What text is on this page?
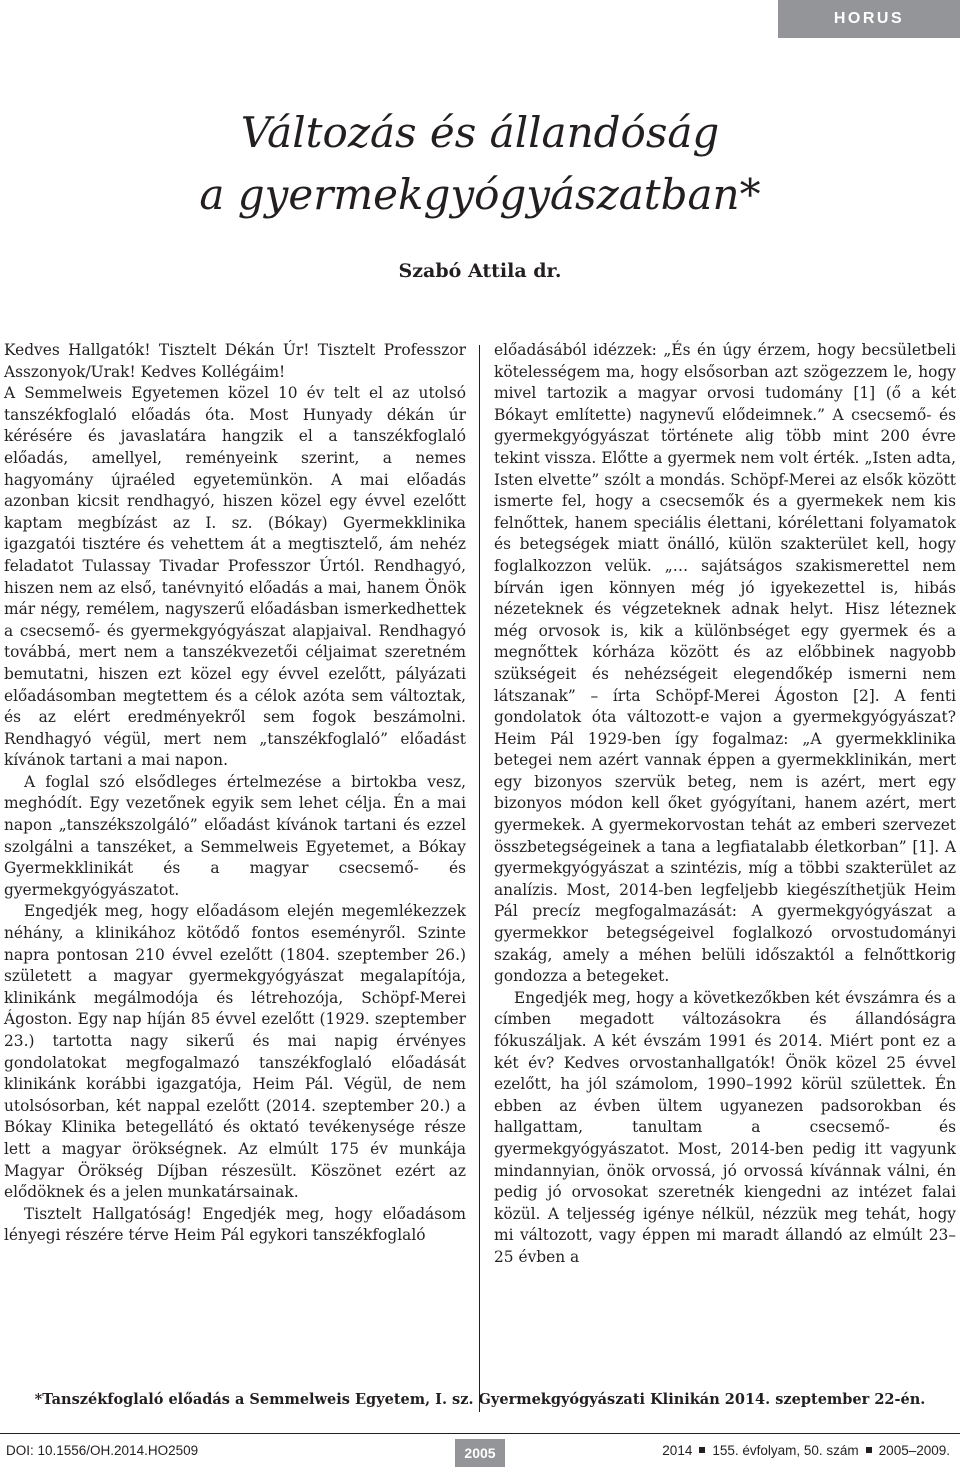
HORUS
Változás és állandóság
a gyermekgyógyászatban*
Szabó Attila dr.

Kedves Hallgatók! Tisztelt Dékán Úr! Tisztelt Professzor Asszonyok/Urak! Kedves Kollégáim!

A Semmelweis Egyetemen közel 10 év telt el az utolsó tanszékfoglaló előadás óta. Most Hunyady dékán úr kérésére és javaslatára hangzik el a tanszékfoglaló előadás, amellyel, reményeink szerint, a nemes hagyomány újraéled egyetemünkön. A mai előadás azonban kicsit rendhagyó, hiszen közel egy évvel ezelőtt kaptam megbízást az I. sz. (Bókay) Gyermekklinika igazgatói tisztére és vehettem át a megtisztelő, ám nehéz feladatot Tulassay Tivadar Professzor Úrtól. Rendhagyó, hiszen nem az első, tanévnyitó előadás a mai, hanem Önök már négy, remélem, nagyszerű előadásban ismerkedhettek a csecsemő- és gyermekgyógyászat alapjaival. Rendhagyó továbbá, mert nem a tanszékvezetői céljaimat szeretném bemutatni, hiszen ezt közel egy évvel ezelőtt, pályázati előadásomban megtettem és a célok azóta sem változtak, és az elért eredményekről sem fogok beszámolni. Rendhagyó végül, mert nem „tanszékfoglaló” előadást kívánok tartani a mai napon.

A foglal szó elsődleges értelmezése a birtokba vesz, meghódít. Egy vezetőnek egyik sem lehet célja. Én a mai napon „tanszékszolgáló” előadást kívánok tartani és ezzel szolgálni a tanszéket, a Semmelweis Egyetemet, a Bókay Gyermekklinikát és a magyar csecsemő- és gyermekgyógyászatot.

Engedjék meg, hogy előadásom elején megemlékezzek néhány, a klinikához kötődő fontos eseményről. Szinte napra pontosan 210 évvel ezelőtt (1804. szeptember 26.) született a magyar gyermekgyógyászat megalapítója, klinikánk megálmodója és létrehozója, Schöpf-Merei Ágoston. Egy nap híján 85 évvel ezelőtt (1929. szeptember 23.) tartotta nagy sikerű és mai napig érvényes gondolatokat megfogalmazó tanszékfoglaló előadását klinikánk korábbi igazgatója, Heim Pál. Végül, de nem utolsósorban, két nappal ezelőtt (2014. szeptember 20.) a Bókay Klinika betegellátó és oktató tevékenysége része lett a magyar örökségnek. Az elmúlt 175 év munkája Magyar Örökség Díjban részesült. Köszönet ezért az elődöknek és a jelen munkatársainak.

Tisztelt Hallgatóság! Engedjék meg, hogy előadásom lényegi részére térve Heim Pál egykori tanszékfoglaló

előadásából idézzek: „És én úgy érzem, hogy becsületbeli kötelességem ma, hogy elsősorban azt szögezzem le, hogy mivel tartozik a magyar orvosi tudomány [1] (ő a két Bókayt említette) nagynevű elődeimnek.” A csecsemő- és gyermekgyógyászat története alig több mint 200 évre tekint vissza. Előtte a gyermek nem volt érték. „Isten adta, Isten elvette” szólt a mondás. Schöpf-Merei az elsők között ismerte fel, hogy a csecsemők és a gyermekek nem kis felnőttek, hanem speciális élettani, kórélettani folyamatok és betegségek miatt önálló, külön szakterület kell, hogy foglalkozzon velük. „… sajátságos szakismerettel nem bírván igen könnyen még jó igyekezettel is, hibás nézeteknek és végzeteknek adnak helyt. Hisz léteznek még orvosok is, kik a különbséget egy gyermek és a megnőttek kórháza között és az előbbinek nagyobb szükségeit és nehézségeit elegendőkép ismerni nem látszanak” – írta Schöpf-Merei Ágoston [2]. A fenti gondolatok óta változott-e vajon a gyermekgyógyászat? Heim Pál 1929-ben így fogalmaz: „A gyermekklinika betegei nem azért vannak éppen a gyermekklinikán, mert egy bizonyos szervük beteg, nem is azért, mert egy bizonyos módon kell őket gyógyítani, hanem azért, mert gyermekek. A gyermekorvostan tehát az emberi szervezet összbetegségeinek a tana a legfiatalabb életkorban” [1]. A gyermekgyógyászat a szintézis, míg a többi szakterület az analízis. Most, 2014-ben legfeljebb kiegészíthetjük Heim Pál precíz megfogalmazását: A gyermekgyógyászat a gyermekkor betegségeivel foglalkozó orvostudományi szakág, amely a méhen belüli időszaktól a felnőttkorig gondozza a betegeket.

Engedjék meg, hogy a következőkben két évszámra és a címben megadott változásokra és állandóságra fókuszáljak. A két évszám 1991 és 2014. Miért pont ez a két év? Kedves orvostanhallgatók! Önök közel 25 évvel ezelőtt, ha jól számolom, 1990–1992 körül születtek. Én ebben az évben ültem ugyanezen padsorokban és hallgattam, tanultam a csecsemő- és gyermekgyógyászatot. Most, 2014-ben pedig itt vagyunk mindannyian, önök orvossá, jó orvossá kívánnak válni, én pedig jó orvosokat szeretnék kiengedni az intézet falai közül. A teljesség igénye nélkül, nézzük meg tehát, hogy mi változott, vagy éppen mi maradt állandó az elmúlt 23–25 évben a

*Tanszékfoglaló előadás a Semmelweis Egyetem, I. sz. Gyermekgyógyászati Klinikán 2014. szeptember 22-én.
DOI: 10.1556/OH.2014.HO2509	2005	2014 155. évfolyam, 50. szám 2005–2009.
